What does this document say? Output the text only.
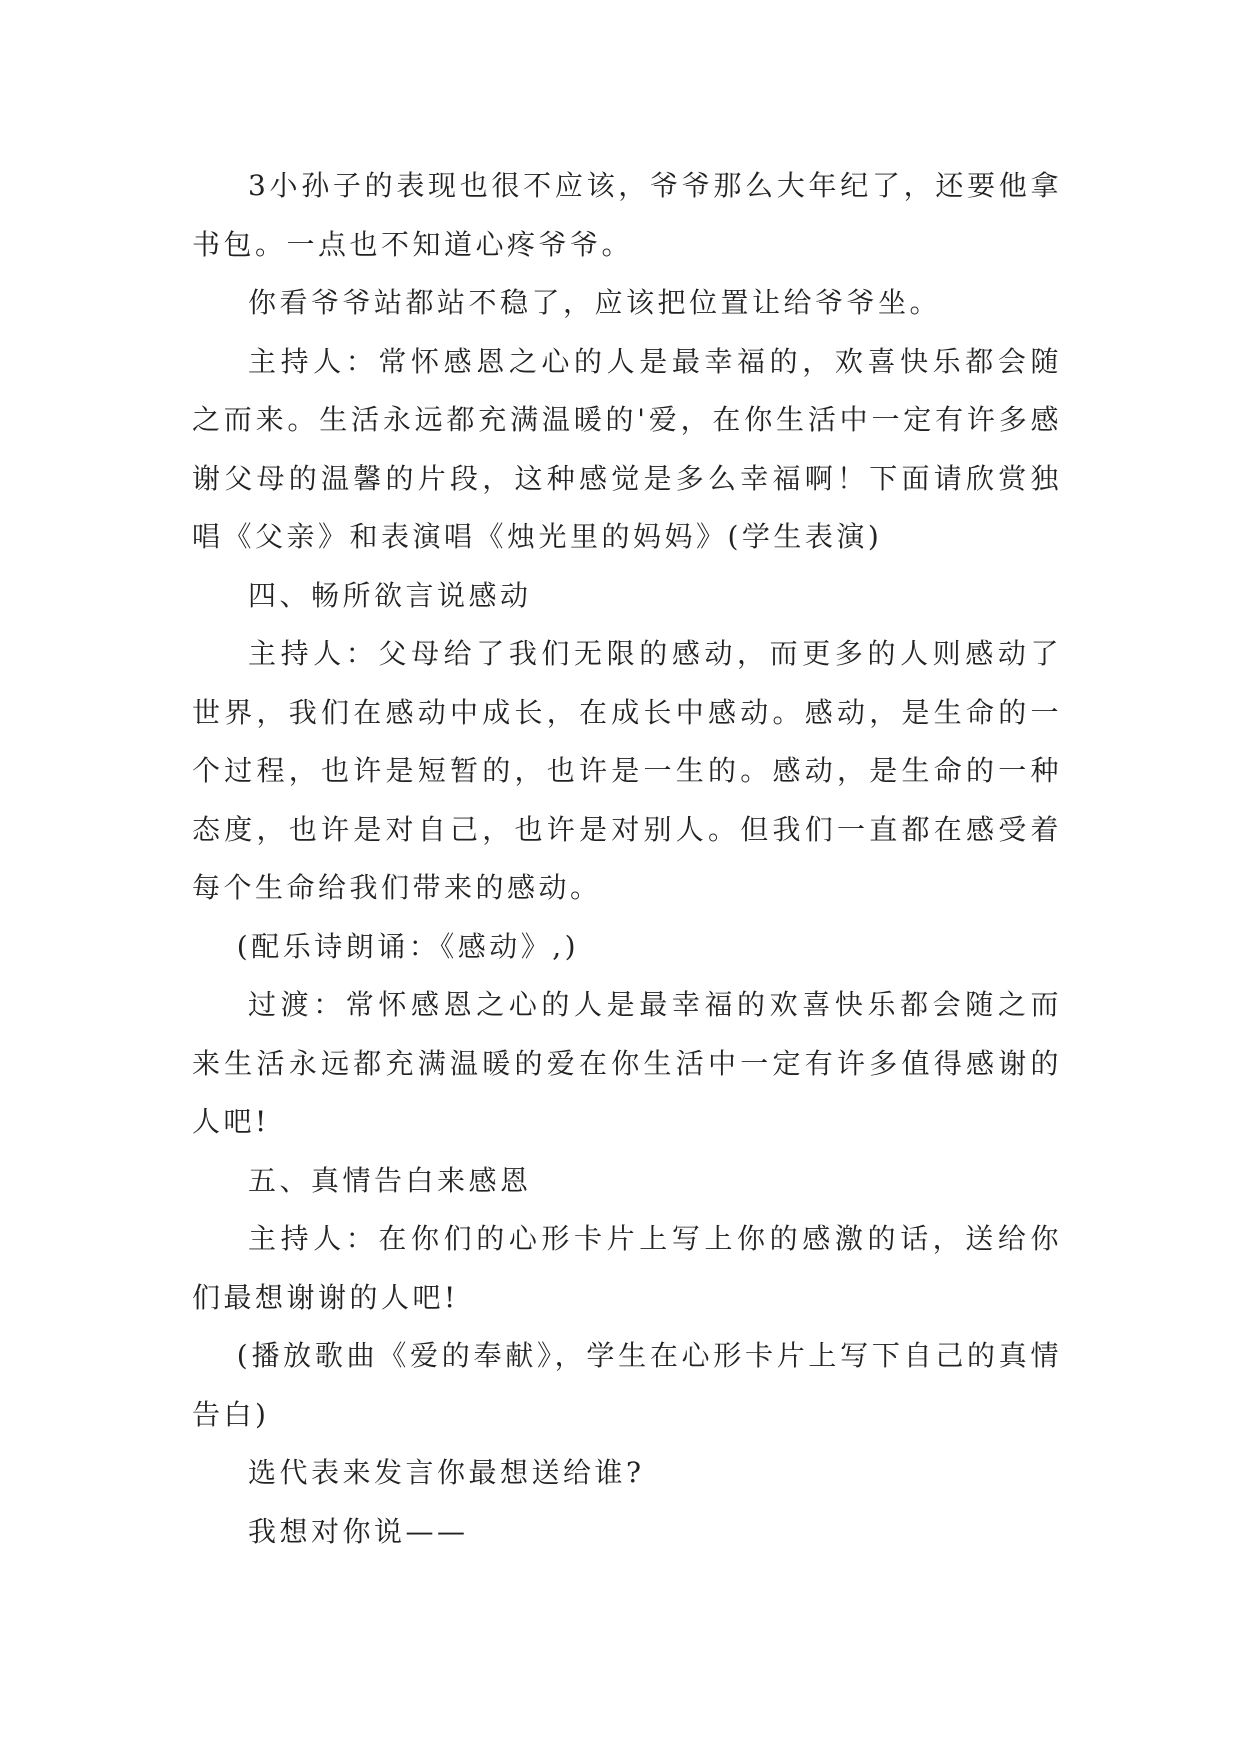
3小孙子的表现也很不应该，爷爷那么大年纪了，还要他拿书包。一点也不知道心疼爷爷。

你看爷爷站都站不稳了，应该把位置让给爷爷坐。

主持人：常怀感恩之心的人是最幸福的，欢喜快乐都会随之而来。生活永远都充满温暖的'爱，在你生活中一定有许多感谢父母的温馨的片段，这种感觉是多么幸福啊！下面请欣赏独唱《父亲》和表演唱《烛光里的妈妈》(学生表演)

四、畅所欲言说感动

主持人：父母给了我们无限的感动，而更多的人则感动了世界，我们在感动中成长，在成长中感动。感动，是生命的一个过程，也许是短暂的，也许是一生的。感动，是生命的一种态度，也许是对自己，也许是对别人。但我们一直都在感受着每个生命给我们带来的感动。

(配乐诗朗诵：《感动》,)

过渡：常怀感恩之心的人是最幸福的欢喜快乐都会随之而来生活永远都充满温暖的爱在你生活中一定有许多值得感谢的人吧!

五、真情告白来感恩

主持人：在你们的心形卡片上写上你的感激的话，送给你们最想谢谢的人吧!

(播放歌曲《爱的奉献》，学生在心形卡片上写下自己的真情告白)

选代表来发言你最想送给谁?

我想对你说——
